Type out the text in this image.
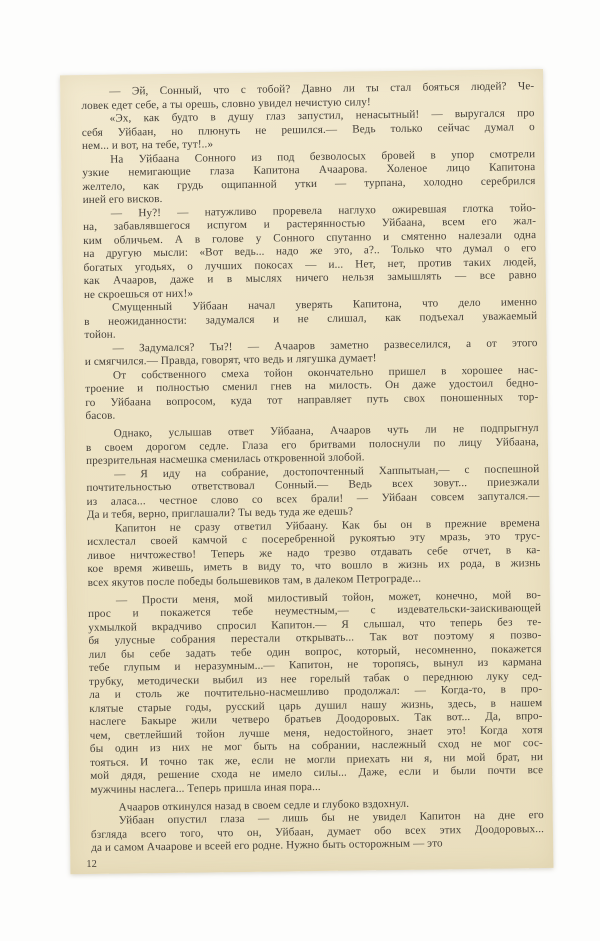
— Эй, Сонный, что с тобой? Давно ли ты стал бояться людей? Че-
ловек едет себе, а ты орешь, словно увидел нечистую силу!
«Эх, как будто в душу глаз запустил, ненасытный! — выругался про
себя Уйбаан, но плюнуть не решился.— Ведь только сейчас думал о
нем... и вот, на тебе, тут!..»
На Уйбаана Сонного из под безволосых бровей в упор смотрели
узкие немигающие глаза Капитона Ачаарова. Холеное лицо Капитона
желтело, как грудь ощипанной утки — турпана, холодно серебрился
иней его висков.
— Ну?! — натужливо проревела наглухо ожиревшая глотка тойо-
на, забавлявшегося испугом и растерянностью Уйбаана, всем его жал-
ким обличьем. А в голове у Сонного спутанно и смятенно налезали одна
на другую мысли: «Вот ведь... надо же это, а?.. Только что думал о его
богатых угодьях, о лучших покосах — и... Нет, нет, против таких людей,
как Ачааров, даже и в мыслях ничего нельзя замышлять — все равно
не скроешься от них!»
Смущенный Уйбаан начал уверять Капитона, что дело именно
в неожиданности: задумался и не слишал, как подъехал уважаемый
тойон.
— Задумался? Ты?! — Ачааров заметно развеселился, а от этого
и смягчился.— Правда, говорят, что ведь и лягушка думает!
От собственного смеха тойон окончательно пришел в хорошее нас-
троение и полностью сменил гнев на милость. Он даже удостоил бедно-
го Уйбаана вопросом, куда тот направляет путь свох поношенных тор-
басов.
Однако, услышав ответ Уйбаана, Ачааров чуть ли не подпрыгнул
в своем дорогом седле. Глаза его бритвами полоснули по лицу Уйбаана,
презрительная насмешка сменилась откровенной злобой.
— Я иду на собрание, достопочтенный Хаппытыан,— с поспешной
почтительностью ответствовал Сонный.— Ведь всех зовут... приезжали
из аласа... честное слово со всех брали! — Уйбаан совсем запутался.—
Да и тебя, верно, приглашали? Ты ведь туда же едешь?
Капитон не сразу ответил Уйбаану. Как бы он в прежние времена
исхлестал своей камчой с посеребренной рукоятью эту мразь, это трус-
ливое ничтожество! Теперь же надо трезво отдавать себе отчет, в ка-
кое время живешь, иметь в виду то, что вошло в жизнь их рода, в жизнь
всех якутов после победы большевиков там, в далеком Петрограде...
— Прости меня, мой милостивый тойон, может, конечно, мой во-
прос и покажется тебе неуместным,— с издевательски-заискивающей
ухмылкой вкрадчиво спросил Капитон.— Я слышал, что теперь без те-
бя улусные собрания перестали открывать... Так вот поэтому я позво-
лил бы себе задать тебе один вопрос, который, несомненно, покажется
тебе глупым и неразумным...— Капитон, не торопясь, вынул из кармана
трубку, методически выбил из нее горелый табак о переднюю луку сед-
ла и столь же почтительно-насмешливо продолжал: — Когда-то, в про-
клятые старые годы, русский царь душил нашу жизнь, здесь, в нашем
наслеге Бакыре жили четверо братьев Доодоровых. Так вот... Да, впро-
чем, светлейший тойон лучше меня, недостойного, знает это! Когда хотя
бы один из них не мог быть на собрании, наслежный сход не мог сос-
тояться. И точно так же, если не могли приехать ни я, ни мой брат, ни
мой дядя, решение схода не имело силы... Даже, если и были почти все
мужчины наслега... Теперь пришла иная пора...
Ачааров откинулся назад в своем седле и глубоко вздохнул.
Уйбаан опустил глаза — лишь бы не увидел Капитон на дне его
бзгляда всего того, что он, Уйбаан, думает обо всех этих Доодоровых...
да и самом Ачаарове и всеей его родне. Нужно быть осторожным — это
12
